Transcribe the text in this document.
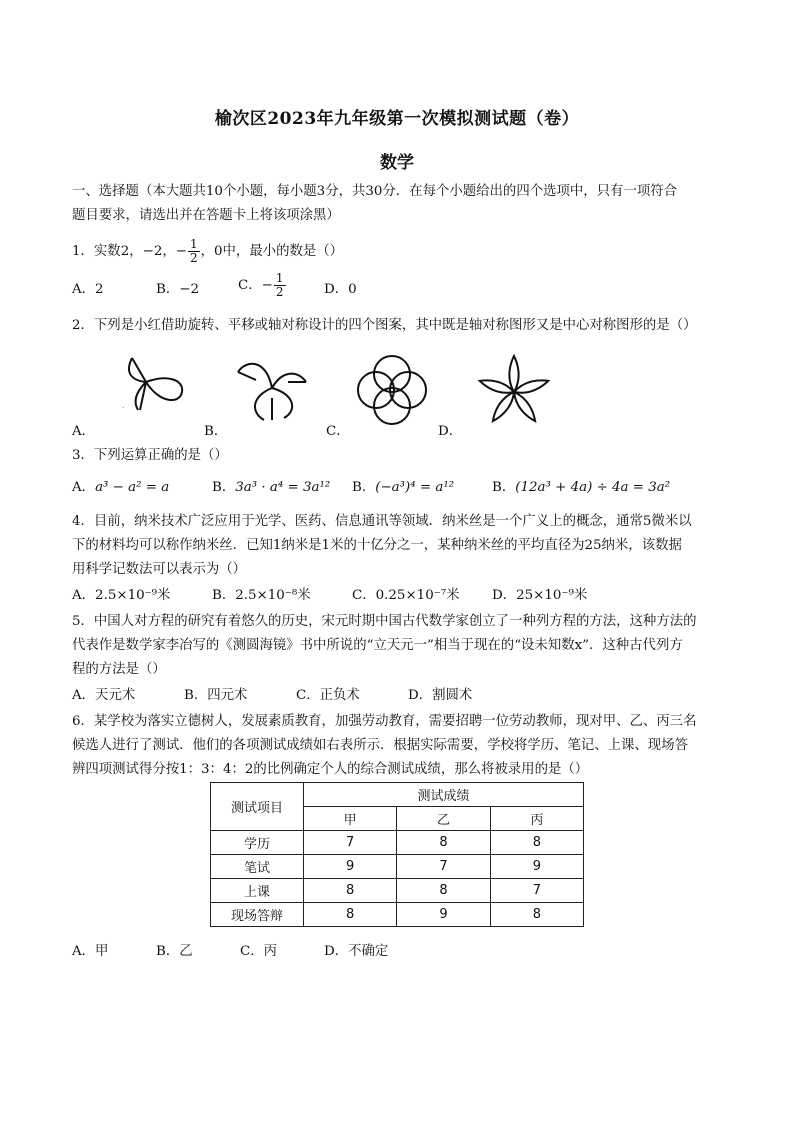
榆次区2023年九年级第一次模拟测试题（卷）
数学
一、选择题（本大题共10个小题，每小题3分，共30分．在每个小题给出的四个选项中，只有一项符合
题目要求，请选出并在答题卡上将该项涂黑）
1．实数2，−2，− $\frac{1}{2}$ ，0中，最小的数是（）
A．2	B．−2	C．− $\frac{1}{2}$	D．0
2．下列是小红借助旋转、平移或轴对称设计的四个图案，其中既是轴对称图形又是中心对称图形的是（）
.
A．	B．	C．	D．
3．下列运算正确的是（）
A．a³ − a² = a	B．3a³ · a⁴ = 3a¹² B．(−a³)⁴ = a¹²	B．(12a³ + 4a) ÷ 4a = 3a²
4．目前，纳米技术广泛应用于光学、医药、信息通讯等领域．纳米丝是一个广义上的概念，通常5微米以
下的材料均可以称作纳米丝．已知1纳米是1米的十亿分之一，某种纳米丝的平均直径为25纳米，该数据
用科学记数法可以表示为（）
A．2.5×10⁻⁹米	B．2.5×10⁻⁸米	C．0.25×10⁻⁷米 D．25×10⁻⁹米
5．中国人对方程的研究有着悠久的历史，宋元时期中国古代数学家创立了一种列方程的方法，这种方法的
代表作是数学家李冶写的《测圆海镜》书中所说的“立天元一”相当于现在的“设未知数x”．这种古代列方
程的方法是（）
A．天元术	B．四元术	C．正负术	D．割圆术
6．某学校为落实立德树人，发展素质教育，加强劳动教育，需要招聘一位劳动教师，现对甲、乙、丙三名
候选人进行了测试．他们的各项测试成绩如右表所示．根据实际需要，学校将学历、笔记、上课、现场答
辨四项测试得分按1：3：4：2的比例确定个人的综合测试成绩，那么将被录用的是（）
测试项目	测试成绩		
	甲	乙	丙
学历	7	8	8
笔试	9	7	9
上课	8	8	7
现场答辩	8	9	8
A．甲	B．乙	C．丙	D．不确定
